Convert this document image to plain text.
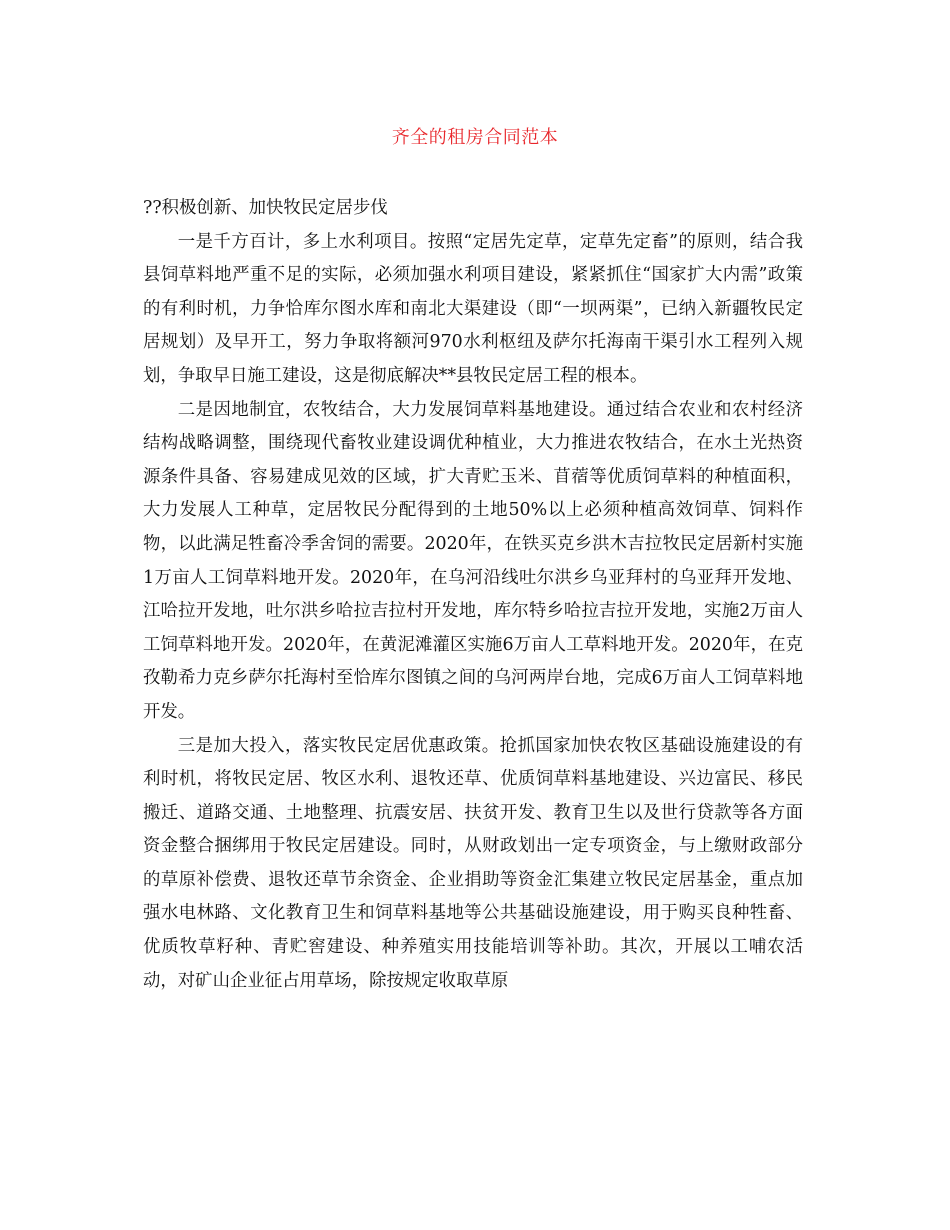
齐全的租房合同范本

??积极创新、加快牧民定居步伐

一是千方百计，多上水利项目。按照“定居先定草，定草先定畜”的原则，结合我县饲草料地严重不足的实际，必须加强水利项目建设，紧紧抓住“国家扩大内需”政策的有利时机，力争恰库尔图水库和南北大渠建设（即“一坝两渠”，已纳入新疆牧民定居规划）及早开工，努力争取将额河970水利枢纽及萨尔托海南干渠引水工程列入规划，争取早日施工建设，这是彻底解决**县牧民定居工程的根本。

二是因地制宜，农牧结合，大力发展饲草料基地建设。通过结合农业和农村经济结构战略调整，围绕现代畜牧业建设调优种植业，大力推进农牧结合，在水土光热资源条件具备、容易建成见效的区域，扩大青贮玉米、苜蓿等优质饲草料的种植面积，大力发展人工种草，定居牧民分配得到的土地50%以上必须种植高效饲草、饲料作物，以此满足牲畜冷季舍饲的需要。2020年，在铁买克乡洪木吉拉牧民定居新村实施1万亩人工饲草料地开发。2020年，在乌河沿线吐尔洪乡乌亚拜村的乌亚拜开发地、江哈拉开发地，吐尔洪乡哈拉吉拉村开发地，库尔特乡哈拉吉拉开发地，实施2万亩人工饲草料地开发。2020年，在黄泥滩灌区实施6万亩人工草料地开发。2020年，在克孜勒希力克乡萨尔托海村至恰库尔图镇之间的乌河两岸台地，完成6万亩人工饲草料地开发。

三是加大投入，落实牧民定居优惠政策。抢抓国家加快农牧区基础设施建设的有利时机，将牧民定居、牧区水利、退牧还草、优质饲草料基地建设、兴边富民、移民搬迁、道路交通、土地整理、抗震安居、扶贫开发、教育卫生以及世行贷款等各方面资金整合捆绑用于牧民定居建设。同时，从财政划出一定专项资金，与上缴财政部分的草原补偿费、退牧还草节余资金、企业捐助等资金汇集建立牧民定居基金，重点加强水电林路、文化教育卫生和饲草料基地等公共基础设施建设，用于购买良种牲畜、优质牧草籽种、青贮窖建设、种养殖实用技能培训等补助。其次，开展以工哺农活动，对矿山企业征占用草场，除按规定收取草原
